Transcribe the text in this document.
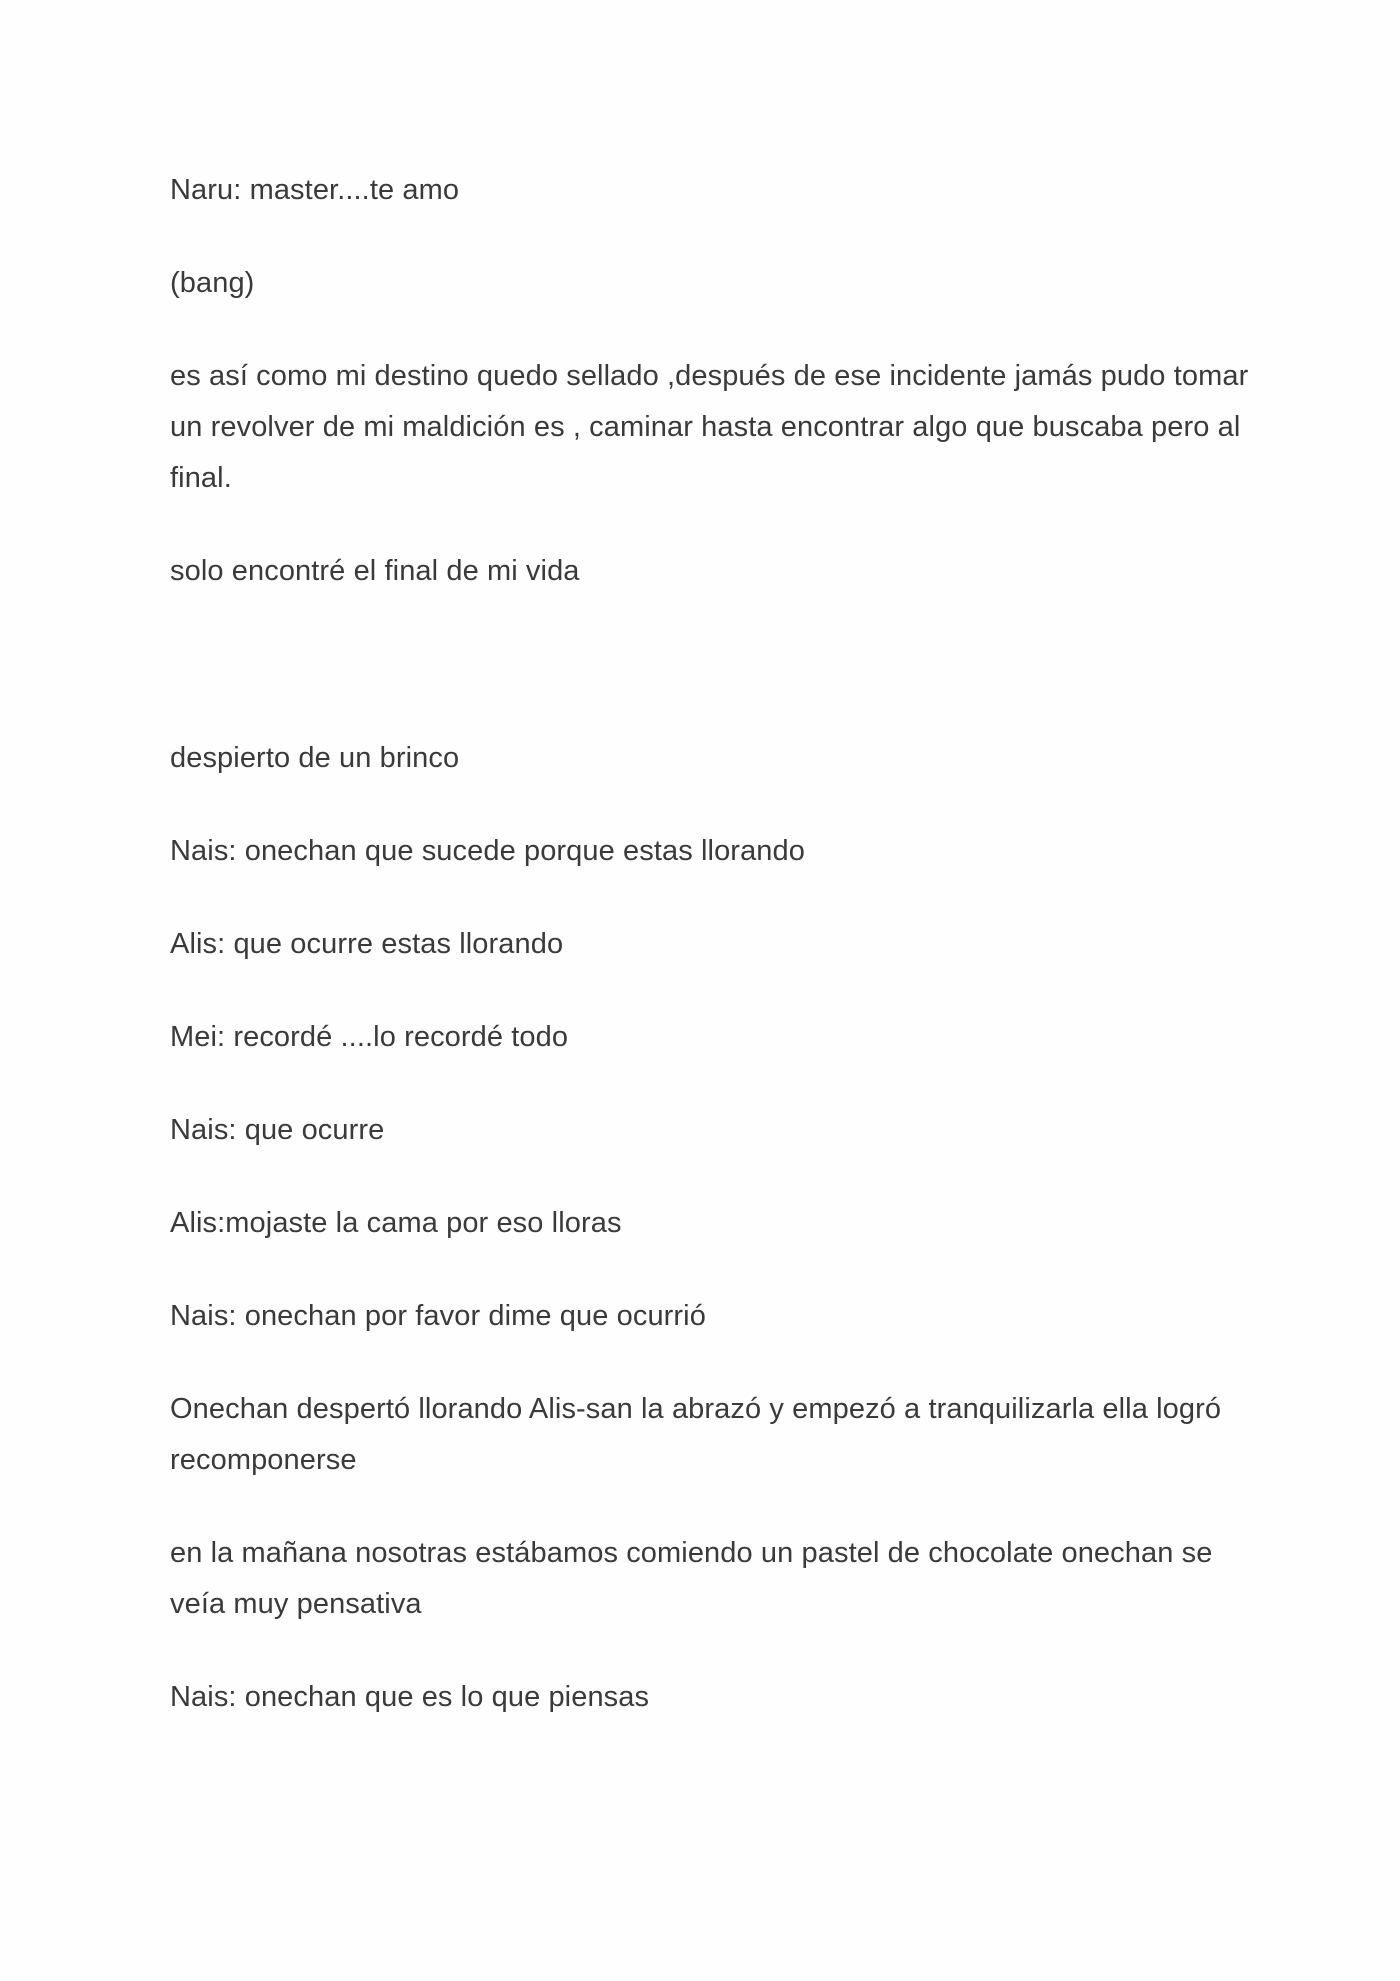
Naru: master....te amo

(bang)

es así como mi destino quedo sellado ,después de ese incidente jamás pudo tomar un revolver de mi maldición es , caminar hasta encontrar algo que buscaba pero al final.

solo encontré el final de mi vida

despierto de un brinco

Nais: onechan que sucede porque estas llorando

Alis: que ocurre estas llorando

Mei: recordé ....lo recordé todo

Nais: que ocurre

Alis:mojaste la cama por eso lloras

Nais: onechan por favor dime que ocurrió

Onechan despertó llorando Alis-san la abrazó y empezó a tranquilizarla ella logró recomponerse

en la mañana nosotras estábamos comiendo un pastel de chocolate onechan se veía muy pensativa

Nais: onechan que es lo que piensas
